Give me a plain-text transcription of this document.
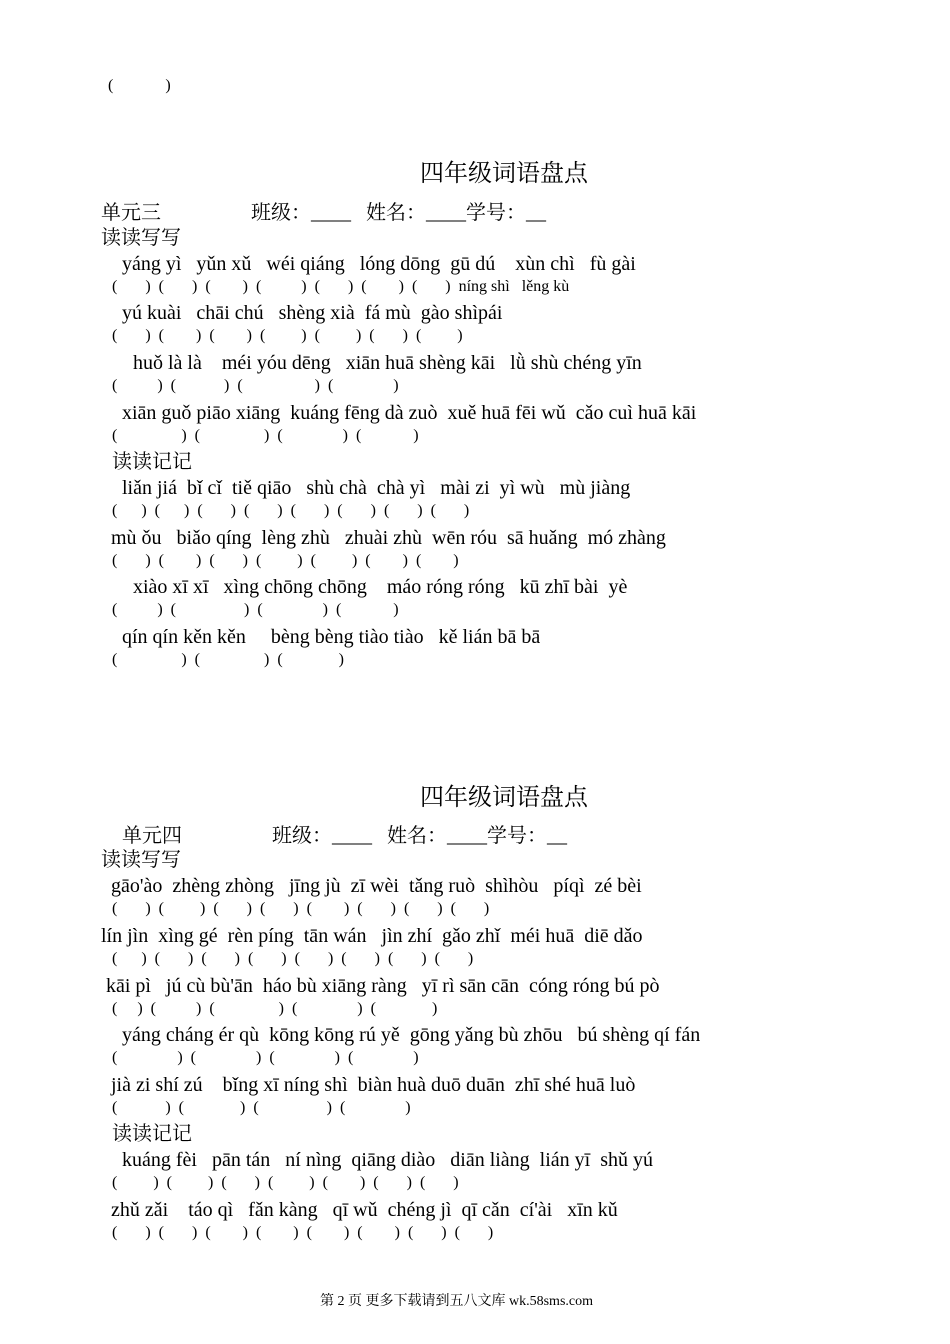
(             )
四年级词语盘点
单元三                  班级：____   姓名：____学号：__
读读写写
yáng yì   yǔn xǔ   wéi qiáng   lóng dōng  gū dú    xùn chì   fù gài
(       )  (       )  (        )  (          )  (       )  (        )  (       )  níng shì   lěng kù
yú kuài   chāi chú   shèng xià  fá mù  gào shìpái
(       )  (        )  (        )  (         )  (         )  (       )  (         )
huǒ là là    méi yóu dēng   xiān huā shèng kāi   lǜ shù chéng yīn
(          )  (            )  (                  )  (               )
xiān guǒ piāo xiāng  kuáng fēng dà zuò  xuě huā fēi wǔ  cǎo cuì huā kāi
(                )  (                )  (               )  (             )
读读记记
liǎn jiá  bǐ cǐ  tiě qiāo   shù chà  chà yì   mài zi  yì wù   mù jiàng
(      )  (      )  (       )  (       )  (       )  (       )  (       )  (       )
mù ǒu   biǎo qíng  lèng zhù   zhuài zhù  wēn róu  sā huǎng  mó zhàng
(       )  (        )  (       )  (         )  (         )  (        )  (        )
xiào xī xī   xìng chōng chōng    máo róng róng   kū zhī bài  yè
(          )  (                 )  (               )  (             )
qín qín kěn kěn     bèng bèng tiào tiào   kě lián bā bā
(                )  (                )  (              )
四年级词语盘点
单元四                  班级：____   姓名：____学号：__
读读写写
gāo'ào  zhèng zhòng   jīng jù  zī wèi  tǎng ruò  shìhòu   píqì  zé bèi
(       )  (         )  (       )  (       )  (        )  (       )  (       )  (       )
lín jìn  xìng gé  rèn píng  tān wán   jìn zhí  gǎo zhǐ  méi huā  diē dǎo
(      )  (       )  (       )  (       )  (       )  (       )  (       )  (       )
kāi pì   jú cù bù'ān  háo bù xiāng ràng   yī rì sān cān  cóng róng bú pò
(     )  (          )  (                )  (               )  (              )
yáng cháng ér qù  kōng kōng rú yě  gōng yǎng bù zhōu   bú shèng qí fán
(               )  (               )  (               )  (               )
jià zi shí zú    bǐng xī níng shì  biàn huà duō duān  zhī shé huā luò
(            )  (              )  (                 )  (               )
读读记记
kuáng fèi   pān tán   ní nìng  qiāng diào   diān liàng  lián yī  shǔ yú
(         )  (         )  (       )  (         )  (        )  (       )  (       )
zhǔ zǎi    táo qì   fǎn kàng   qī wǔ  chéng jì  qī cǎn  cí'ài   xīn kǔ
(       )  (       )  (        )  (        )  (        )  (        )  (       )  (       )
第 2 页 更多下载请到五八文库 wk.58sms.com
